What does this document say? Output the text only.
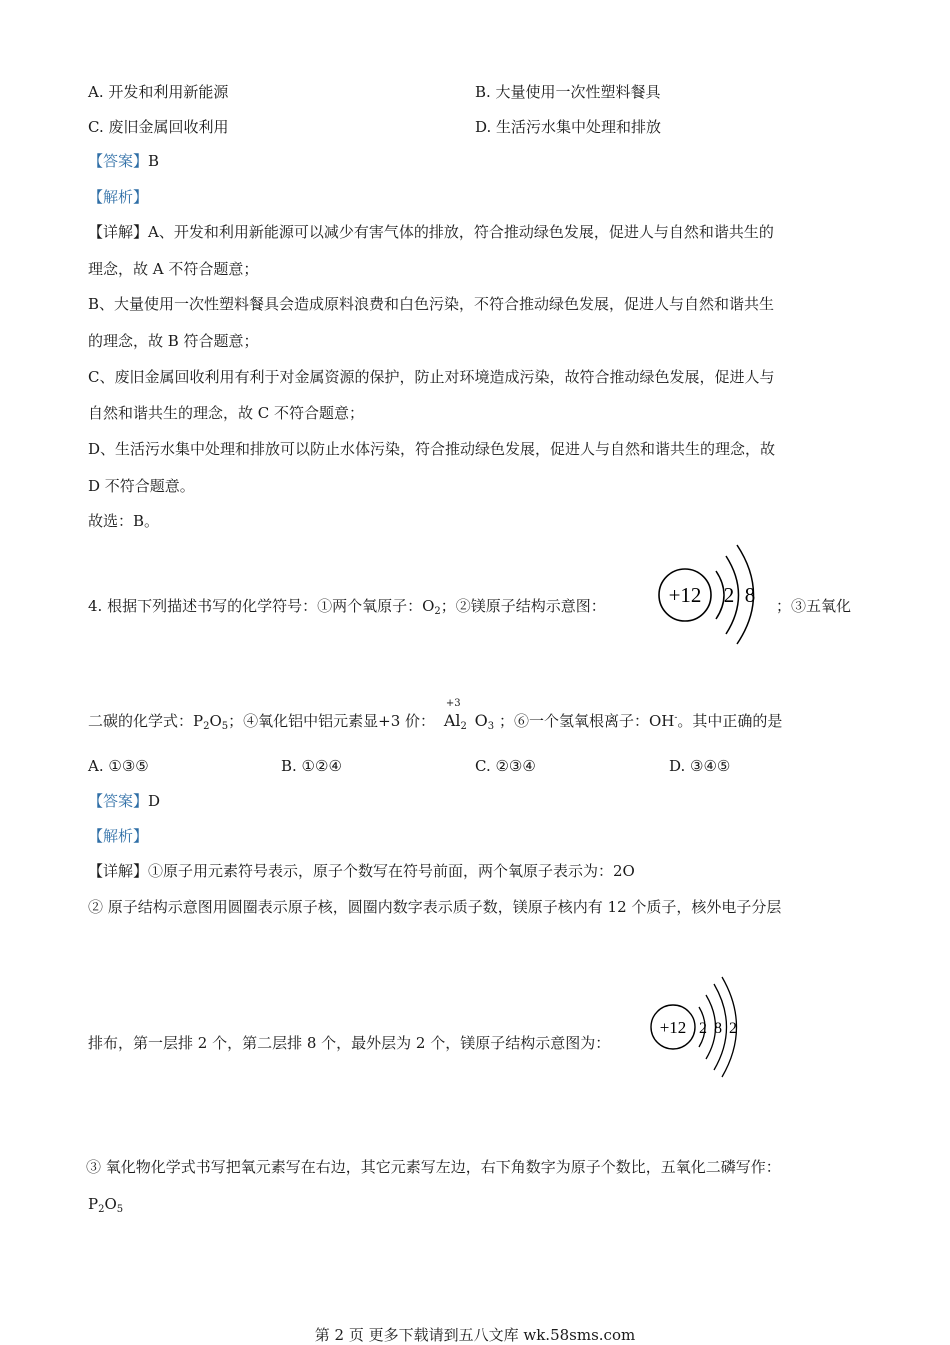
A. 开发和利用新能源	B. 大量使用一次性塑料餐具
C. 废旧金属回收利用	D. 生活污水集中处理和排放
【答案】B
【解析】
【详解】A、开发和利用新能源可以减少有害气体的排放，符合推动绿色发展，促进人与自然和谐共生的
理念，故 A 不符合题意；
B、大量使用一次性塑料餐具会造成原料浪费和白色污染，不符合推动绿色发展，促进人与自然和谐共生
的理念，故 B 符合题意；
C、废旧金属回收利用有利于对金属资源的保护，防止对环境造成污染，故符合推动绿色发展，促进人与
自然和谐共生的理念，故 C 不符合题意；
D、生活污水集中处理和排放可以防止水体污染，符合推动绿色发展，促进人与自然和谐共生的理念，故
D 不符合题意。
故选：B。
4. 根据下列描述书写的化学符号：①两个氧原子：$O_2$；②镁原子结构示意图：	+12 2 8 ；③五氧化
二碳的化学式：$P_2O_5$；④氧化铝中铝元素显+3 价：
+3
$Al_2$ $O_3$ ；⑥一个氢氧根离子：OH-。其中正确的是
A. ①③⑤	B. ①②④	C. ②③④	D. ③④⑤
【答案】D
【解析】
【详解】①原子用元素符号表示，原子个数写在符号前面，两个氧原子表示为：2O
② 原子结构示意图用圆圈表示原子核，圆圈内数字表示质子数，镁原子核内有 12 个质子，核外电子分层
排布，第一层排 2 个，第二层排 8 个，最外层为 2 个，镁原子结构示意图为：
+12 2 8 2
③ 氧化物化学式书写把氧元素写在右边，其它元素写左边，右下角数字为原子个数比，五氧化二磷写作：
$P_2O_5$
第 2 页 更多下载请到五八文库 wk.58sms.com
